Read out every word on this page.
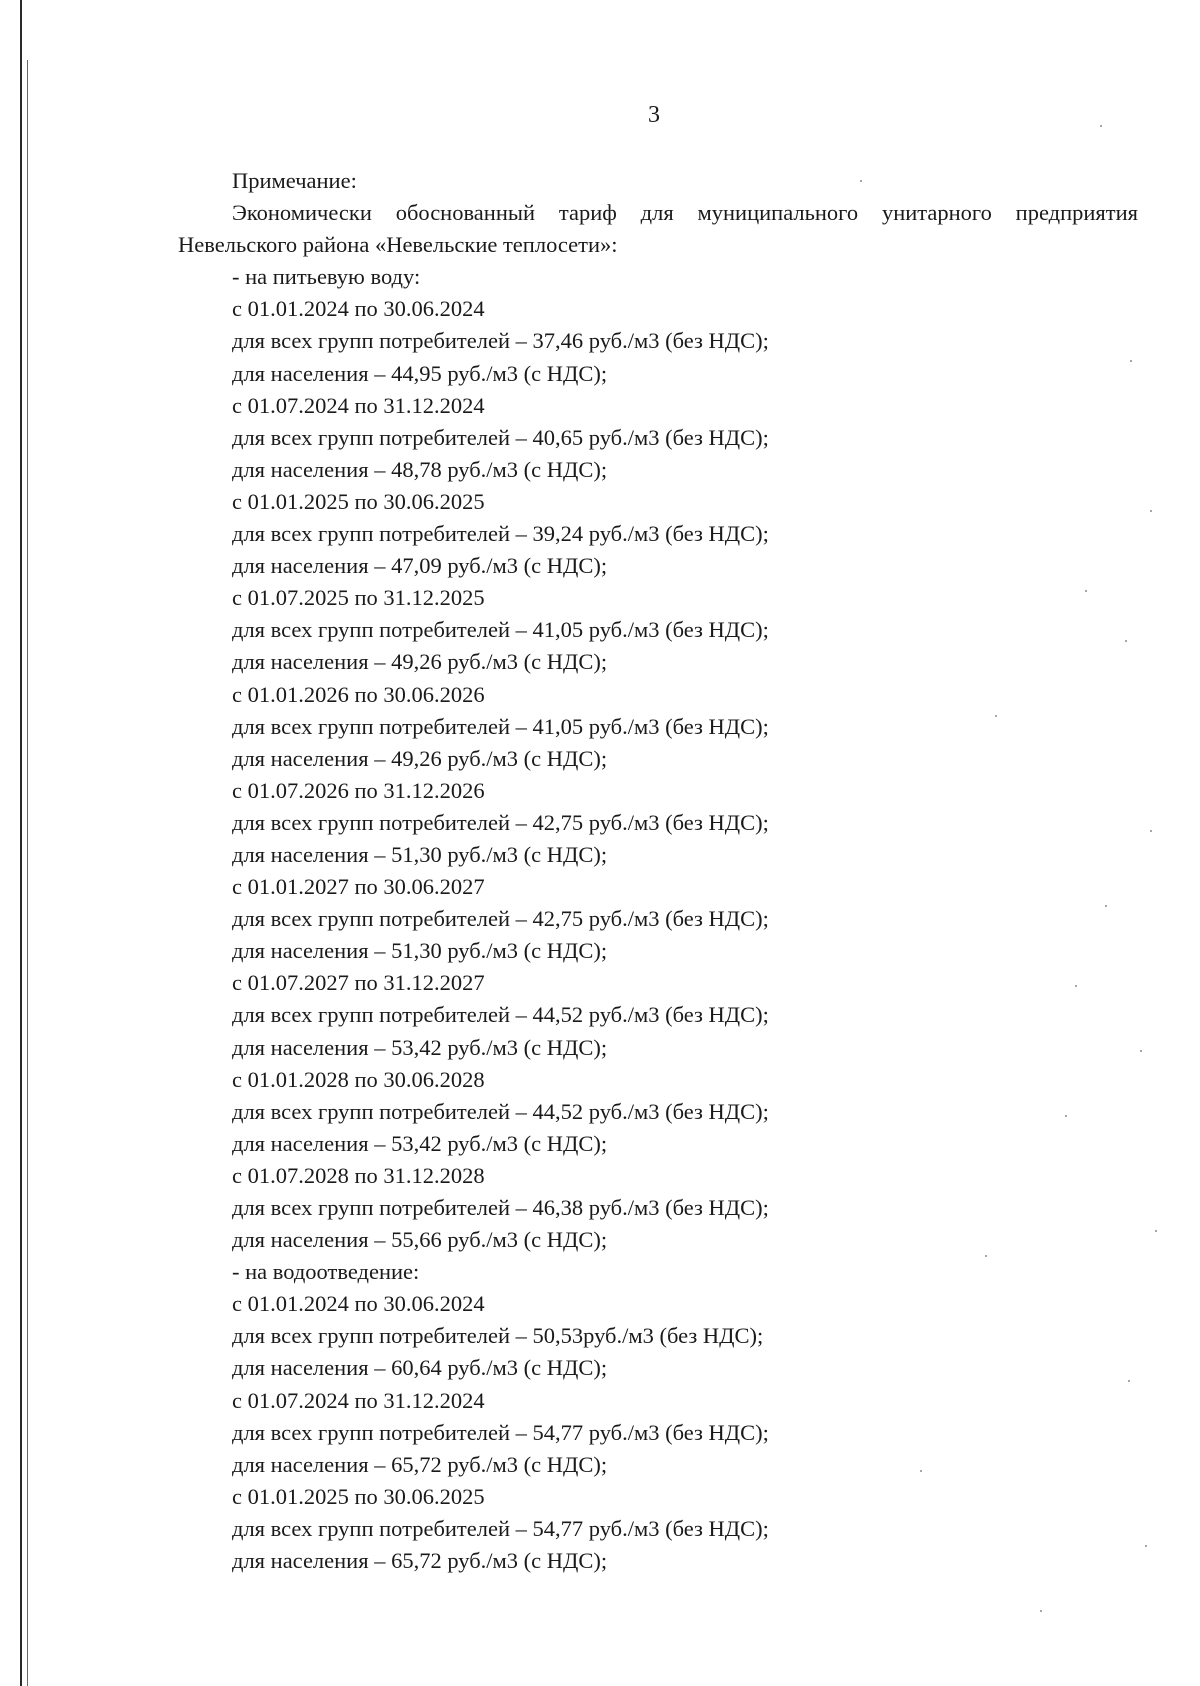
3
Примечание:
Экономически обоснованный тариф для муниципального унитарного предприятия
Невельского района «Невельские теплосети»:
- на питьевую воду:
с 01.01.2024 по 30.06.2024
для всех групп потребителей – 37,46 руб./м3 (без НДС);
для населения – 44,95 руб./м3 (с НДС);
с 01.07.2024 по 31.12.2024
для всех групп потребителей – 40,65 руб./м3 (без НДС);
для населения – 48,78 руб./м3 (с НДС);
с 01.01.2025 по 30.06.2025
для всех групп потребителей – 39,24 руб./м3 (без НДС);
для населения – 47,09 руб./м3 (с НДС);
с 01.07.2025 по 31.12.2025
для всех групп потребителей – 41,05 руб./м3 (без НДС);
для населения – 49,26 руб./м3 (с НДС);
с 01.01.2026 по 30.06.2026
для всех групп потребителей – 41,05 руб./м3 (без НДС);
для населения – 49,26 руб./м3 (с НДС);
с 01.07.2026 по 31.12.2026
для всех групп потребителей – 42,75 руб./м3 (без НДС);
для населения – 51,30 руб./м3 (с НДС);
с 01.01.2027 по 30.06.2027
для всех групп потребителей – 42,75 руб./м3 (без НДС);
для населения – 51,30 руб./м3 (с НДС);
с 01.07.2027 по 31.12.2027
для всех групп потребителей – 44,52 руб./м3 (без НДС);
для населения – 53,42 руб./м3 (с НДС);
с 01.01.2028 по 30.06.2028
для всех групп потребителей – 44,52 руб./м3 (без НДС);
для населения – 53,42 руб./м3 (с НДС);
с 01.07.2028 по 31.12.2028
для всех групп потребителей – 46,38 руб./м3 (без НДС);
для населения – 55,66 руб./м3 (с НДС);
- на водоотведение:
с 01.01.2024 по 30.06.2024
для всех групп потребителей – 50,53руб./м3 (без НДС);
для населения – 60,64 руб./м3 (с НДС);
с 01.07.2024 по 31.12.2024
для всех групп потребителей – 54,77 руб./м3 (без НДС);
для населения – 65,72 руб./м3 (с НДС);
с 01.01.2025 по 30.06.2025
для всех групп потребителей – 54,77 руб./м3 (без НДС);
для населения – 65,72 руб./м3 (с НДС);
